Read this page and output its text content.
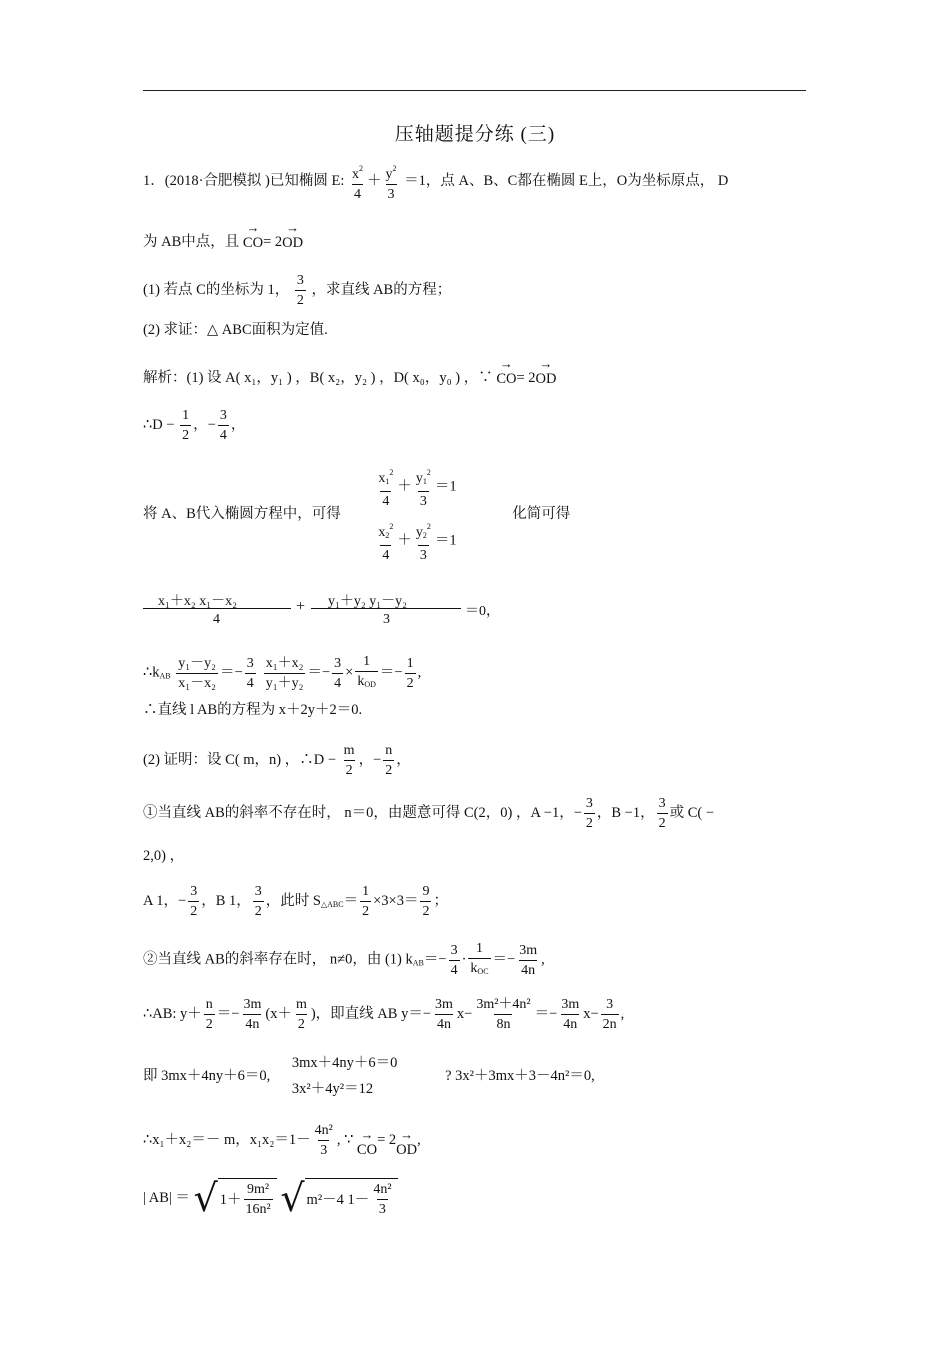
压轴题提分练 (三)
1．(2018·合肥模拟 )已知椭圆 E: $\frac{x^2}{4} + \frac{y^2}{3} =1$，点 A、B、C都在椭圆 E上，O为坐标原点， D
为 AB中点，且
→
CO = 2
→
OD
(1) 若点 C的坐标为 1， $\frac{3}{2}$ ，求直线 AB的方程；
(2) 求证：△ ABC面积为定值.
解析：(1) 设 A( x₁，y₁ ) ，B( x₂，y₂ ) ，D( x₀，y₀ ) ，∵
→
CO = 2
→
OD
∴D − $\frac{1}{2}$ ，− $\frac{3}{4}$ ，
将 A、B代入椭圆方程中，可得
$\frac{x_1^2}{4} + \frac{y_1^2}{3} =1$
$\frac{x_2^2}{4} + \frac{y_2^2}{3} =1$
化简可得
x₁＋x₂ x₁－x₂
4
+ y₁＋y₂ y₁－y₂
3
＝0，
$\therefore k_{AB} \frac{\text{y₁－y₂}}{\text{x₁－x₂}} =- \frac{3}{4} \frac{\text{x₁＋x₂}}{\text{y₁＋y₂}} =- \frac{3}{4} \times \frac{1}{k_{OD}} =- \frac{1}{2}$ ,
∴直线 l AB的方程为 x＋2y＋2＝0.
(2) 证明：设 C( m，n) ，∴D − $\frac{m}{2}$ ，− $\frac{n}{2}$ ，
①当直线 AB的斜率不存在时， n＝0，由题意可得 C(2，0) ，A −1，− $\frac{3}{2}$ ，B −1， $\frac{3}{2}$ 或 C( −
2,0) ，
A 1，− $\frac{3}{2}$ ，B 1， $\frac{3}{2}$ ，此时 $S_{\triangle ABC}= \frac{1}{2} \times 3\times 3= \frac{9}{2}$ ；
②当直线 AB的斜率存在时， n≠0，由 (1) $k_{AB}=- \frac{3}{4} \cdot \frac{1}{k_{OC}} =- \frac{3m}{4n}$ ,
∴AB: $y+ \frac{n}{2} =- \frac{3m}{4n} (x+ \frac{m}{2}$ )，即直线 AB $y=- \frac{3m}{4n} x- \frac{\text{3m²＋4n²}}{8n} =- \frac{3m}{4n} x- \frac{3}{2n}$ ,
即 3mx＋4ny＋6＝0,
3mx＋4ny＋6＝0
3x²＋4y²＝12
? 3x²＋3mx＋3－4n²＝0,
∴x₁＋x₂＝－ m，$x_1x_2=1- \frac{\text{4n²}}{3}$ , ∵ →
CO
= 2 →
OD
,
| AB| ＝ √ $1+ \frac{\text{9m²}}{\text{16n²}}$
√ m²－4 $1- \frac{\text{4n²}}{3}$
